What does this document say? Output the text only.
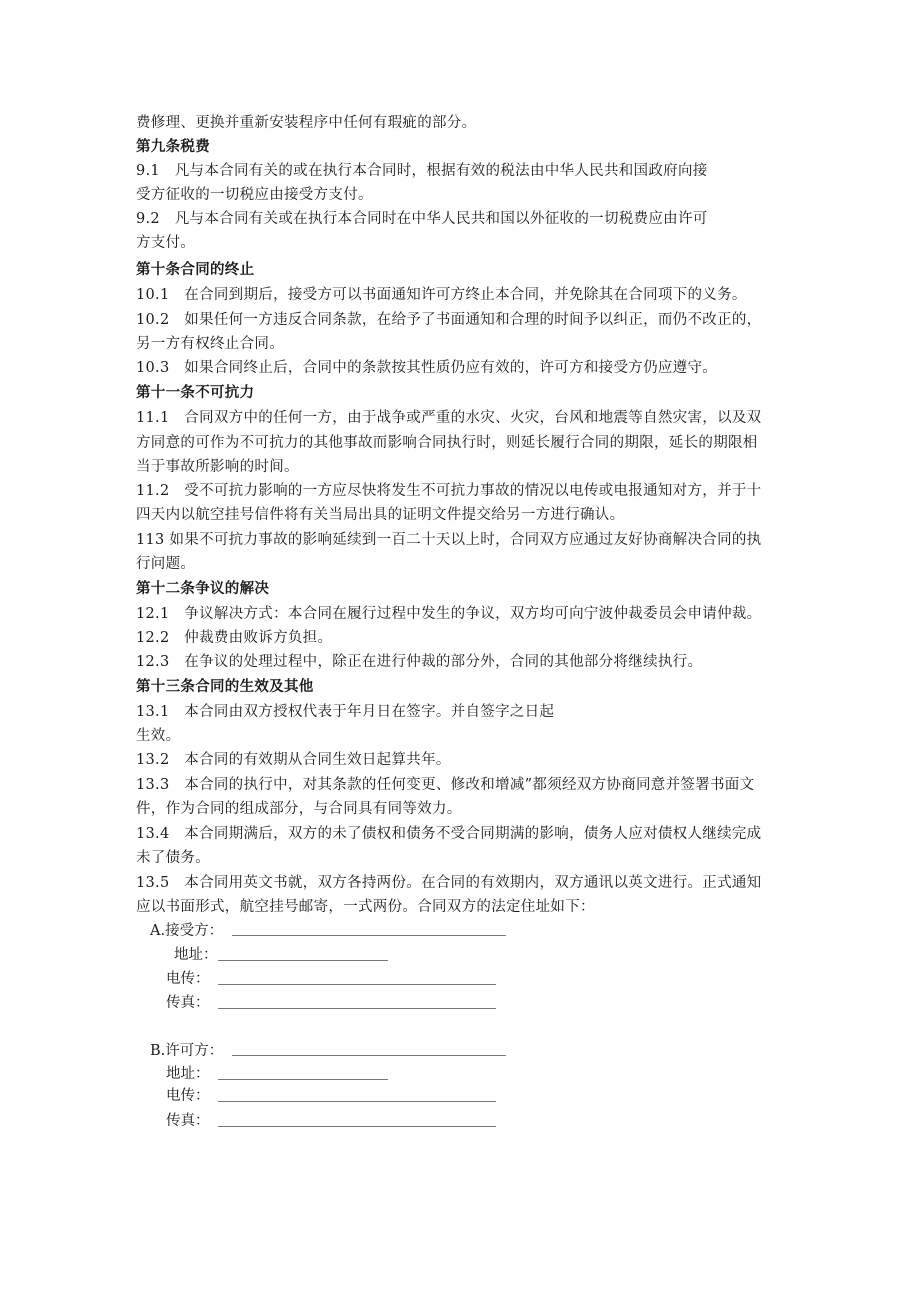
费修理、更换并重新安装程序中任何有瑕疵的部分。
第九条税费
9.1　凡与本合同有关的或在执行本合同时，根据有效的税法由中华人民共和国政府向接
受方征收的一切税应由接受方支付。
9.2　凡与本合同有关或在执行本合同时在中华人民共和国以外征收的一切税费应由许可
方支付。
第十条合同的终止
10.1　在合同到期后，接受方可以书面通知许可方终止本合同，并免除其在合同项下的义务。
10.2　如果任何一方违反合同条款，在给予了书面通知和合理的时间予以纠正，而仍不改正的，
另一方有权终止合同。
10.3　如果合同终止后，合同中的条款按其性质仍应有效的，许可方和接受方仍应遵守。
第十一条不可抗力
11.1　合同双方中的任何一方，由于战争或严重的水灾、火灾，台风和地震等自然灾害，以及双
方同意的可作为不可抗力的其他事故而影响合同执行时，则延长履行合同的期限，延长的期限相
当于事故所影响的时间。
11.2　受不可抗力影响的一方应尽快将发生不可抗力事故的情况以电传或电报通知对方，并于十
四天内以航空挂号信件将有关当局出具的证明文件提交给另一方进行确认。
113 如果不可抗力事故的影响延续到一百二十天以上时，合同双方应通过友好协商解决合同的执
行问题。
第十二条争议的解决
12.1　争议解决方式：本合同在履行过程中发生的争议，双方均可向宁波仲裁委员会申请仲裁。
12.2　仲裁费由败诉方负担。
12.3　在争议的处理过程中，除正在进行仲裁的部分外，合同的其他部分将继续执行。
第十三条合同的生效及其他
13.1　本合同由双方授权代表于年月日在签字。并自签字之日起
生效。
13.2　本合同的有效期从合同生效日起算共年。
13.3　本合同的执行中，对其条款的任何变更、修改和增减”都须经双方协商同意并签署书面文
件，作为合同的组成部分，与合同具有同等效力。
13.4　本合同期满后，双方的未了债权和债务不受合同期满的影响，债务人应对债权人继续完成
未了债务。
13.5　本合同用英文书就，双方各持两份。在合同的有效期内，双方通讯以英文进行。正式通知
应以书面形式，航空挂号邮寄，一式两份。合同双方的法定住址如下：
A.接受方：
地址：
电传：
传真：
B.许可方：
地址：
电传：
传真：
